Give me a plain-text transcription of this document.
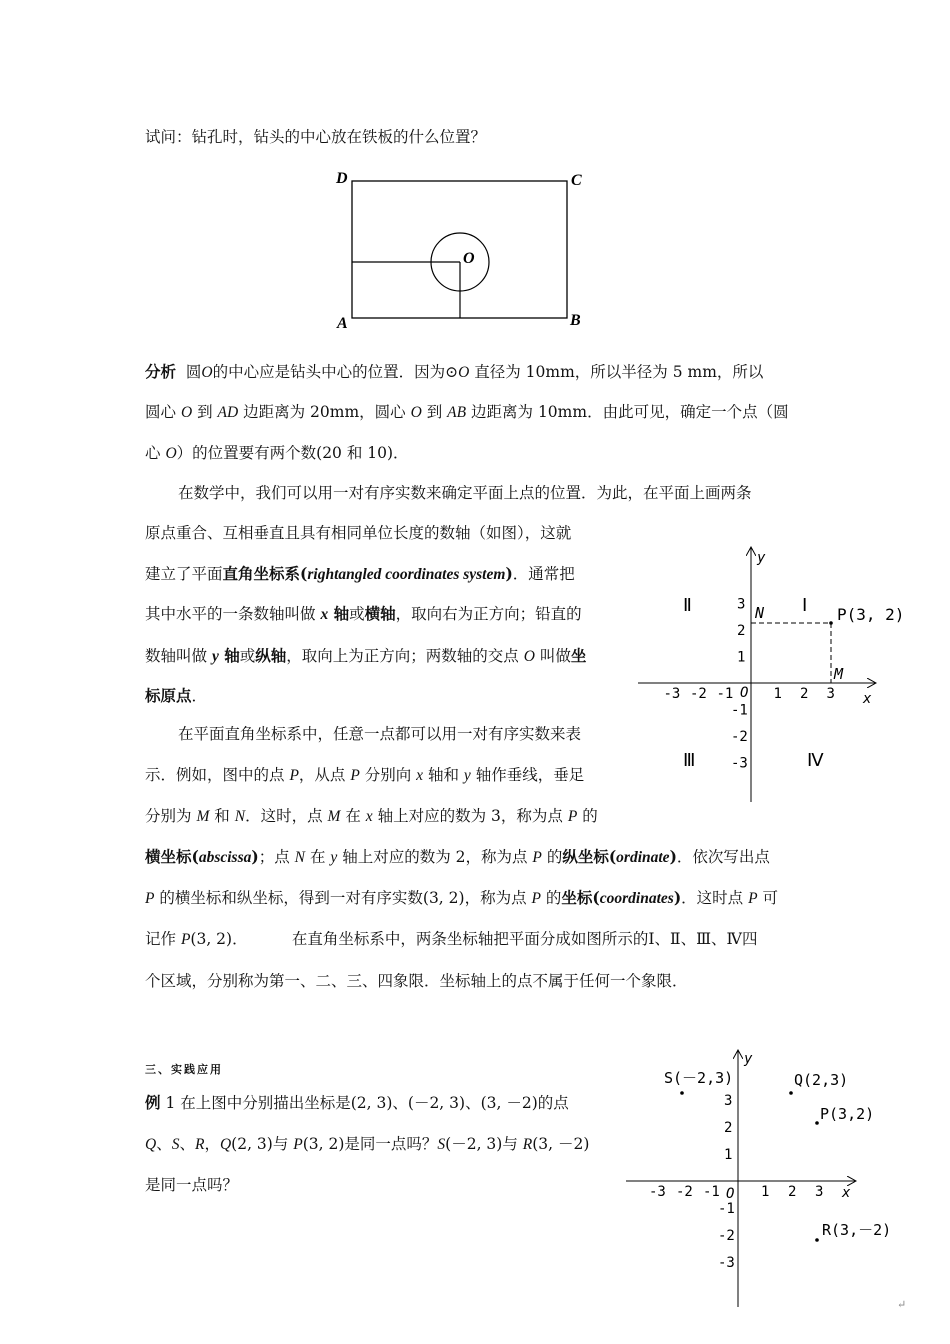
试问：钻孔时，钻头的中心放在铁板的什么位置？
D	C
A	B
O
分析 圆O的中心应是钻头中心的位置．因为⊙O 直径为 10mm，所以半径为 5 mm，所以
圆心 O 到 AD 边距离为 20mm，圆心 O 到 AB 边距离为 10mm．由此可见，确定一个点（圆
心 O）的位置要有两个数(20 和 10)．
在数学中，我们可以用一对有序实数来确定平面上点的位置．为此，在平面上画两条
原点重合、互相垂直且具有相同单位长度的数轴（如图），这就
建立了平面直角坐标系(rightangled coordinates system)．通常把
其中水平的一条数轴叫做 x 轴或横轴，取向右为正方向；铅直的
数轴叫做 y 轴或纵轴，取向上为正方向；两数轴的交点 O 叫做坐
标原点．
在平面直角坐标系中，任意一点都可以用一对有序实数来表
示．例如，图中的点 P，从点 P 分别向 x 轴和 y 轴作垂线，垂足
分别为 M 和 N．这时，点 M 在 x 轴上对应的数为 3，称为点 P 的
横坐标(abscissa)；点 N 在 y 轴上对应的数为 2，称为点 P 的纵坐标(ordinate)．依次写出点
P 的横坐标和纵坐标，得到一对有序实数(3, 2)，称为点 P 的坐标(coordinates)．这时点 P 可
记作 P(3, 2)．	在直角坐标系中，两条坐标轴把平面分成如图所示的Ⅰ、Ⅱ、Ⅲ、Ⅳ四
个区域，分别称为第一、二、三、四象限．坐标轴上的点不属于任何一个象限．
-3 -2 -1	1 2 3
3
2
1
-1
-2
-3
y
x
O
Ⅰ
Ⅱ
Ⅲ	Ⅳ
N
M
P(3, 2)
三、实践应用
例 1 在上图中分别描出坐标是(2, 3)、(－2, 3)、(3, －2)的点
Q、S、R，Q(2, 3)与 P(3, 2)是同一点吗？S(－2, 3)与 R(3, －2)
是同一点吗？	-3 -2 -1	1 2 3
3
2
1
-1
-2
-3
y
x
O
S(－2,3)	Q(2,3)
P(3,2)
R(3,－2)
↵
